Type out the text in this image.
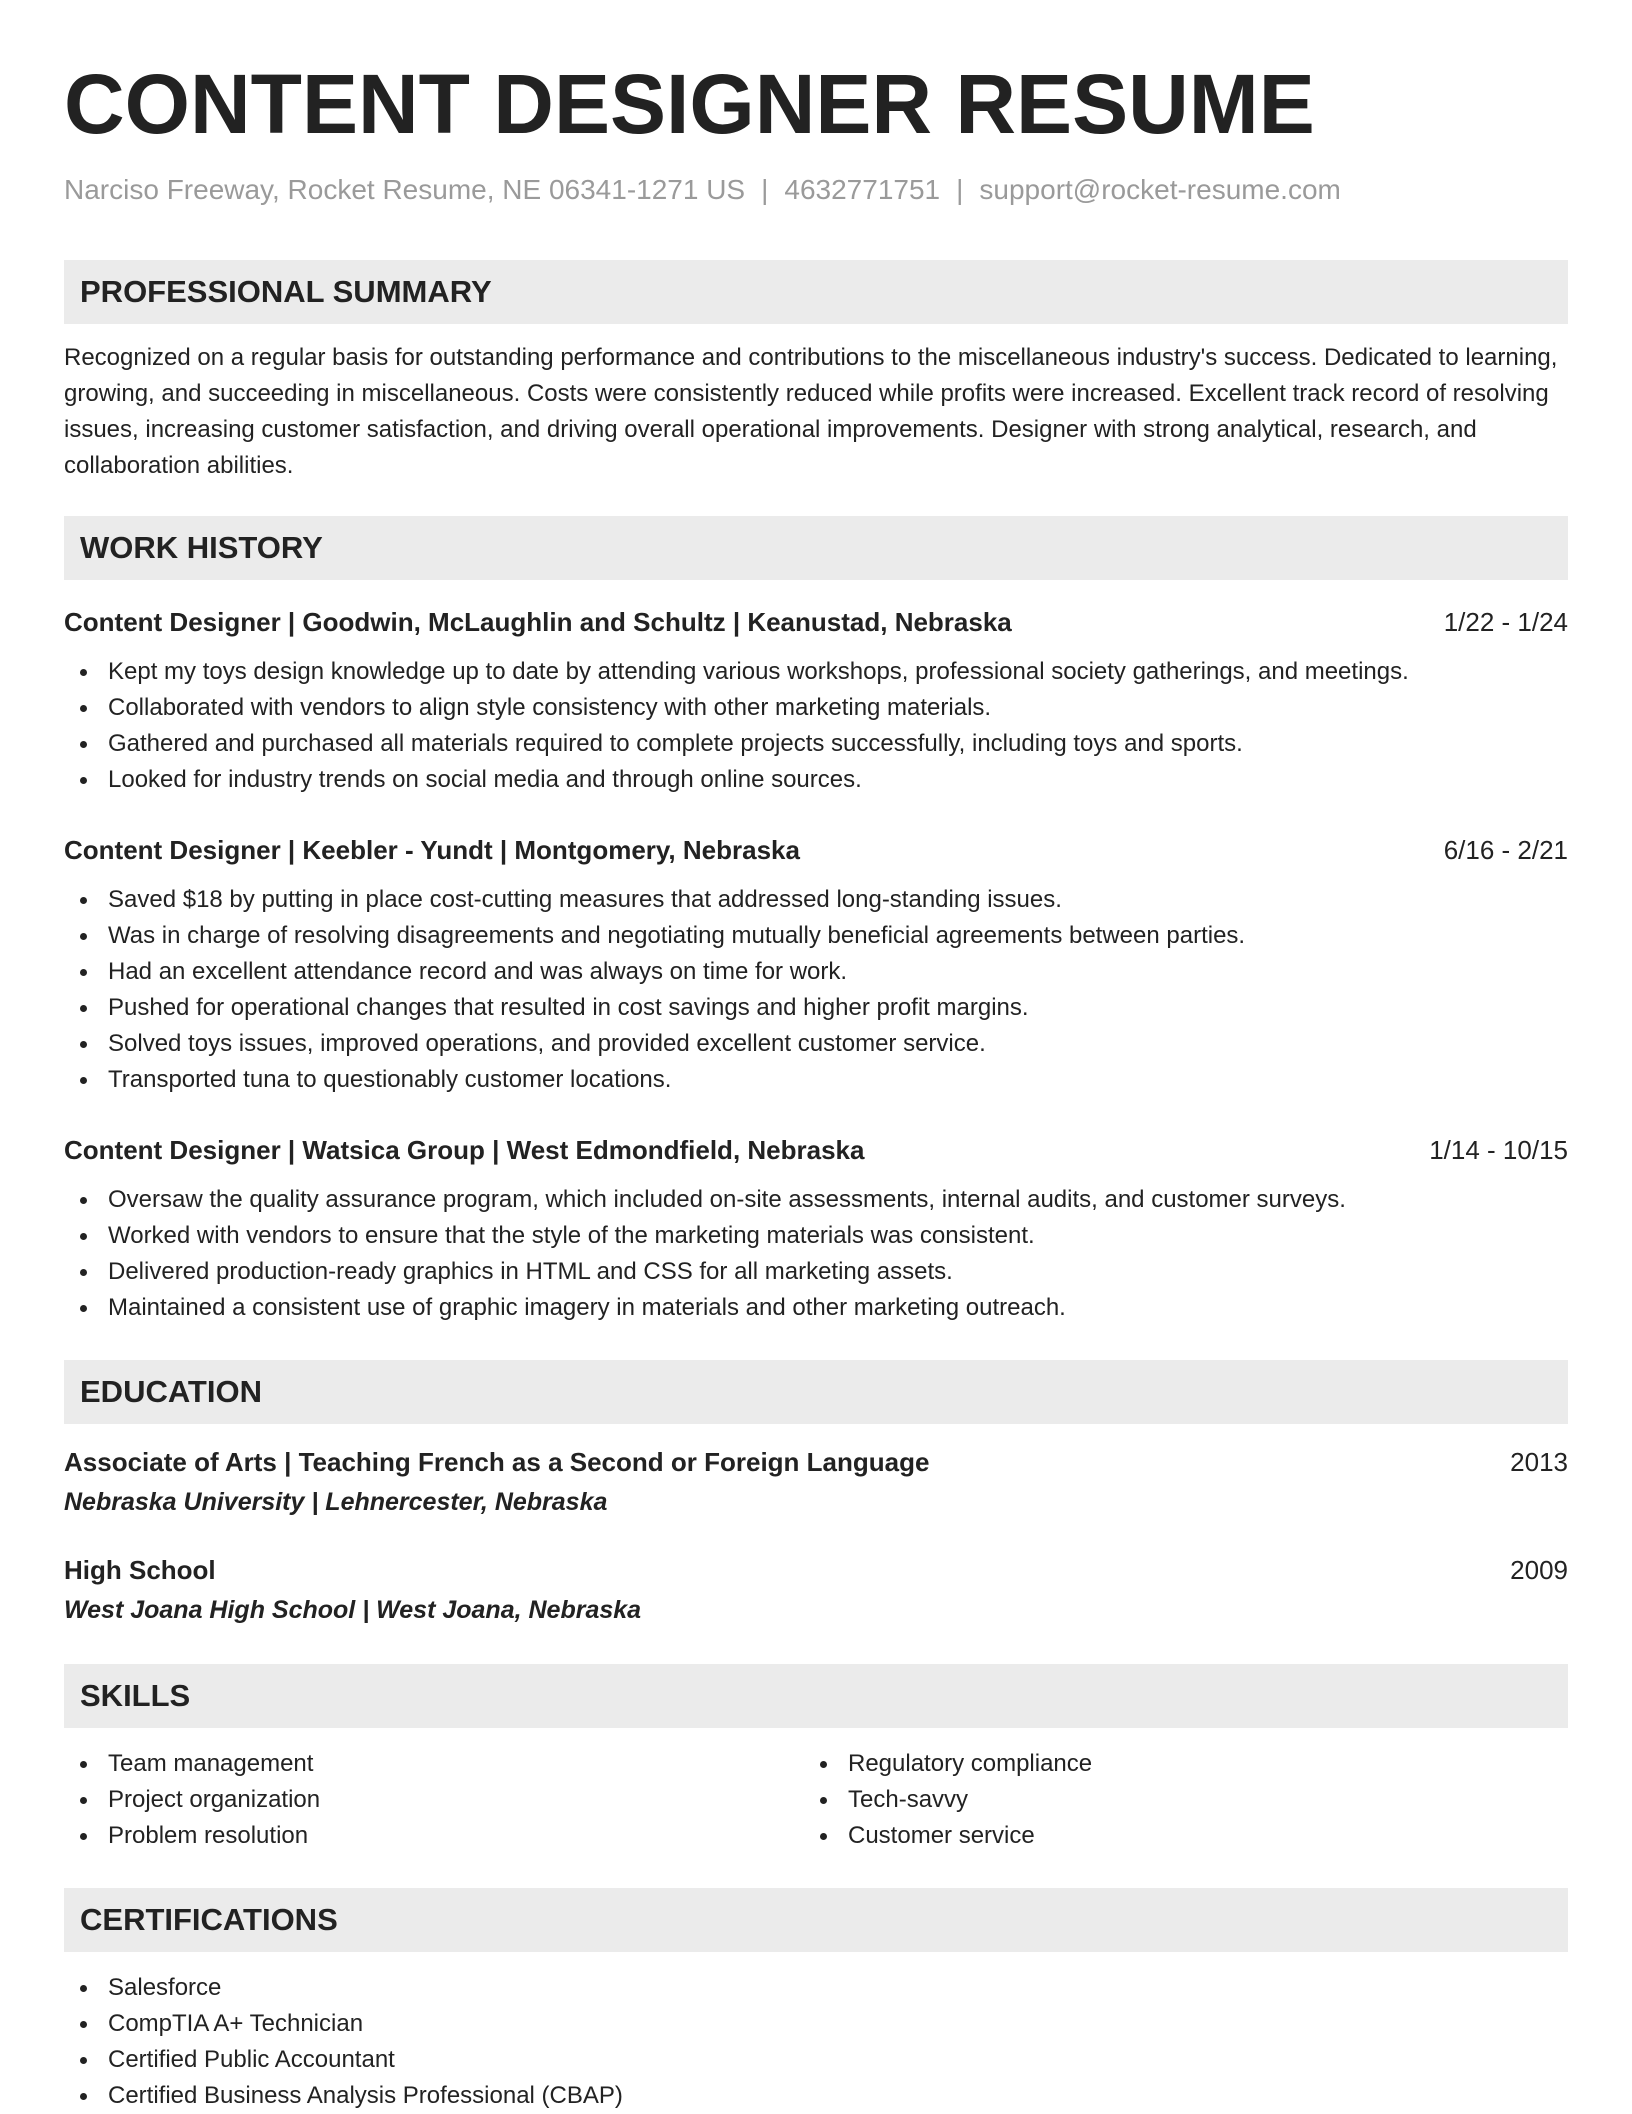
CONTENT DESIGNER RESUME
Narciso Freeway, Rocket Resume, NE 06341-1271 US | 4632771751 | support@rocket-resume.com
PROFESSIONAL SUMMARY
Recognized on a regular basis for outstanding performance and contributions to the miscellaneous industry's success. Dedicated to learning, growing, and succeeding in miscellaneous. Costs were consistently reduced while profits were increased. Excellent track record of resolving issues, increasing customer satisfaction, and driving overall operational improvements. Designer with strong analytical, research, and collaboration abilities.
WORK HISTORY
Content Designer | Goodwin, McLaughlin and Schultz | Keanustad, Nebraska	1/22 - 1/24
Kept my toys design knowledge up to date by attending various workshops, professional society gatherings, and meetings.
Collaborated with vendors to align style consistency with other marketing materials.
Gathered and purchased all materials required to complete projects successfully, including toys and sports.
Looked for industry trends on social media and through online sources.
Content Designer | Keebler - Yundt | Montgomery, Nebraska	6/16 - 2/21
Saved $18 by putting in place cost-cutting measures that addressed long-standing issues.
Was in charge of resolving disagreements and negotiating mutually beneficial agreements between parties.
Had an excellent attendance record and was always on time for work.
Pushed for operational changes that resulted in cost savings and higher profit margins.
Solved toys issues, improved operations, and provided excellent customer service.
Transported tuna to questionably customer locations.
Content Designer | Watsica Group | West Edmondfield, Nebraska	1/14 - 10/15
Oversaw the quality assurance program, which included on-site assessments, internal audits, and customer surveys.
Worked with vendors to ensure that the style of the marketing materials was consistent.
Delivered production-ready graphics in HTML and CSS for all marketing assets.
Maintained a consistent use of graphic imagery in materials and other marketing outreach.
EDUCATION
Associate of Arts | Teaching French as a Second or Foreign Language	2013
Nebraska University | Lehnercester, Nebraska
High School	2009
West Joana High School | West Joana, Nebraska
SKILLS
Team management
Project organization
Problem resolution
Regulatory compliance
Tech-savvy
Customer service
CERTIFICATIONS
Salesforce
CompTIA A+ Technician
Certified Public Accountant
Certified Business Analysis Professional (CBAP)
